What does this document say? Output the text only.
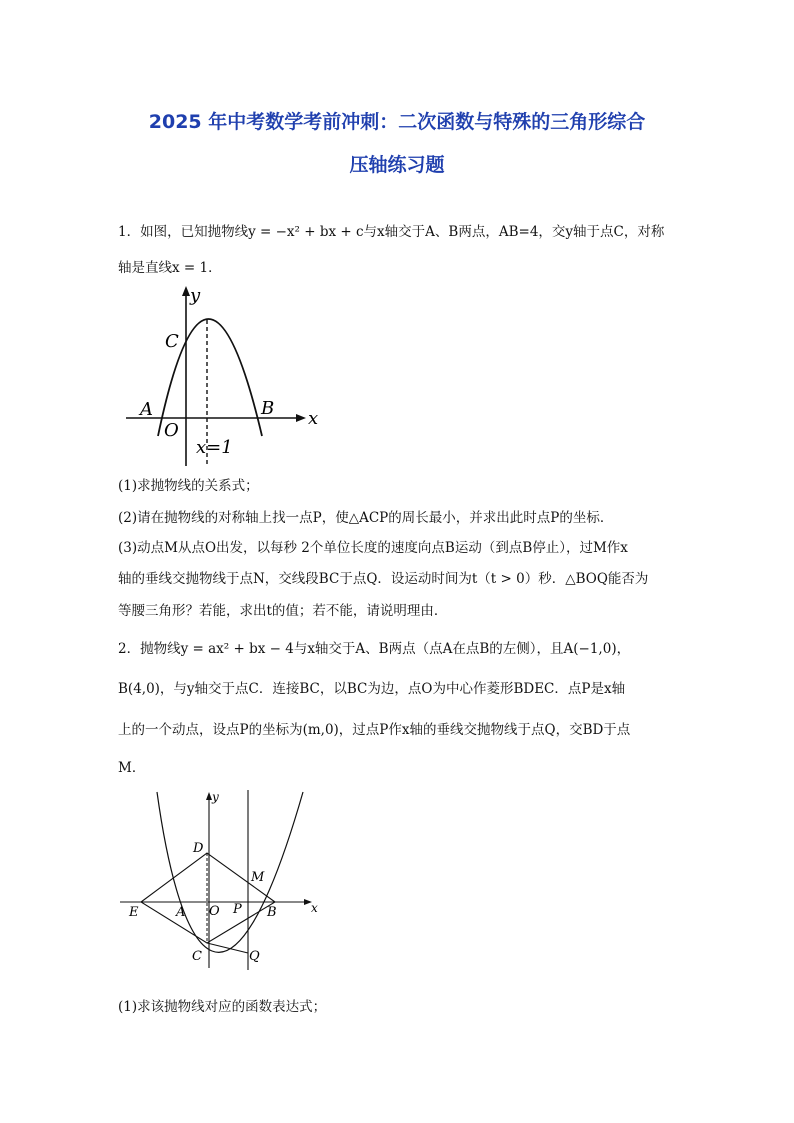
2025 年中考数学考前冲刺：二次函数与特殊的三角形综合
压轴练习题
1．如图，已知抛物线y = −x² + bx + c与x轴交于A、B两点，AB=4，交y轴于点C，对称
轴是直线x = 1．
y
x
C
A	B
O
x=1
(1)求抛物线的关系式；
(2)请在抛物线的对称轴上找一点P，使△ACP的周长最小，并求出此时点P的坐标．
(3)动点M从点O出发，以每秒 2个单位长度的速度向点B运动（到点B停止），过M作x
轴的垂线交抛物线于点N，交线段BC于点Q．设运动时间为t（t > 0）秒．△BOQ能否为
等腰三角形？若能，求出t的值；若不能，请说明理由．
2．抛物线y = ax² + bx − 4与x轴交于A、B两点（点A在点B的左侧），且A(−1,0)，
B(4,0)，与y轴交于点C．连接BC，以BC为边，点O为中心作菱形BDEC．点P是x轴
上的一个动点，设点P的坐标为(m,0)，过点P作x轴的垂线交抛物线于点Q，交BD于点
M．
y
x
D
M
E	A O P B
C	Q
(1)求该抛物线对应的函数表达式；
